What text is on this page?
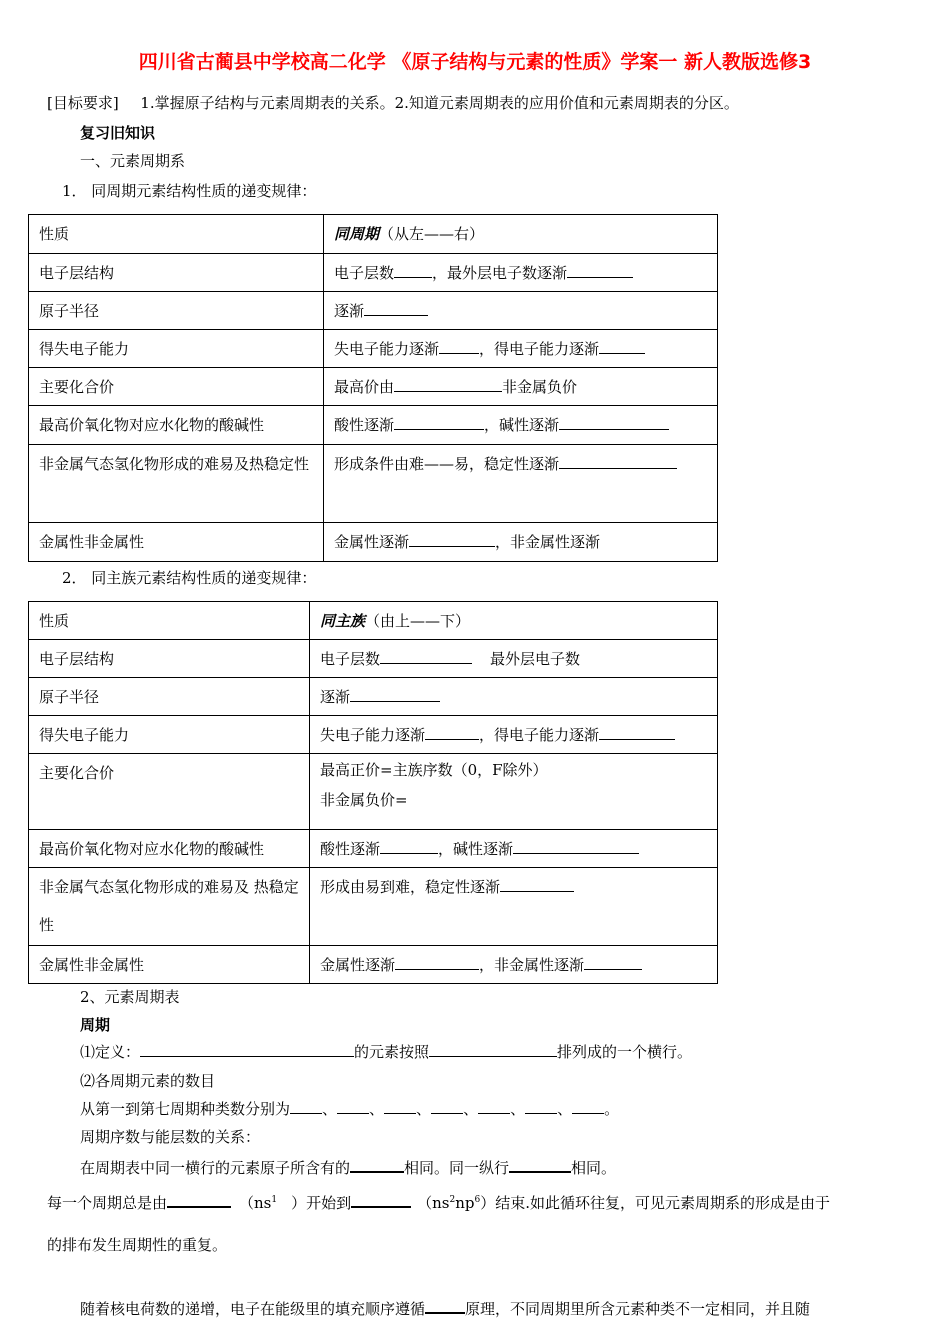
四川省古蔺县中学校高二化学 《原子结构与元素的性质》学案一 新人教版选修3
[目标要求] 1.掌握原子结构与元素周期表的关系。2.知道元素周期表的应用价值和元素周期表的分区。
复习旧知识
一、元素周期系
1． 同周期元素结构性质的递变规律：
性质	同周期（从左——右）

电子层结构	电子层数 ，最外层电子数逐渐

原子半径	逐渐

得失电子能力	失电子能力逐渐 ，得电子能力逐渐

主要化合价	最高价由 非金属负价

最高价氧化物对应水化物的酸碱性	酸性逐渐 ，碱性逐渐

非金属气态氢化物形成的难易及热稳定性	形成条件由难——易，稳定性逐渐

金属性非金属性	金属性逐渐 ，非金属性逐渐
2． 同主族元素结构性质的递变规律：
性质	同主族（由上——下）

电子层结构	电子层数 最外层电子数

原子半径	逐渐

得失电子能力	失电子能力逐渐 ，得电子能力逐渐

主要化合价	最高正价=主族序数（0，F除外）
非金属负价=

最高价氧化物对应水化物的酸碱性	酸性逐渐 ，碱性逐渐

非金属气态氢化物形成的难易及 热稳定性	形成由易到难，稳定性逐渐

金属性非金属性	金属性逐渐 ，非金属性逐渐
2、元素周期表
周期
⑴定义：	的元素按照	排列成的一个横行。
⑵各周期元素的数目
从第一到第七周期种类数分别为 、 、 、 、 、 、 。
周期序数与能层数的关系：
在周期表中同一横行的元素原子所含有的	相同。同一纵行	相同。
每一个周期总是由	（$ns^1$ ）开始到	$(ns^2np^6)$结束.如此循环往复，可见元素周期系的形成是由于
的排布发生周期性的重复。
随着核电荷数的递增，电子在能级里的填充顺序遵循	原理，不同周期里所含元素种类不一定相同，并且随
